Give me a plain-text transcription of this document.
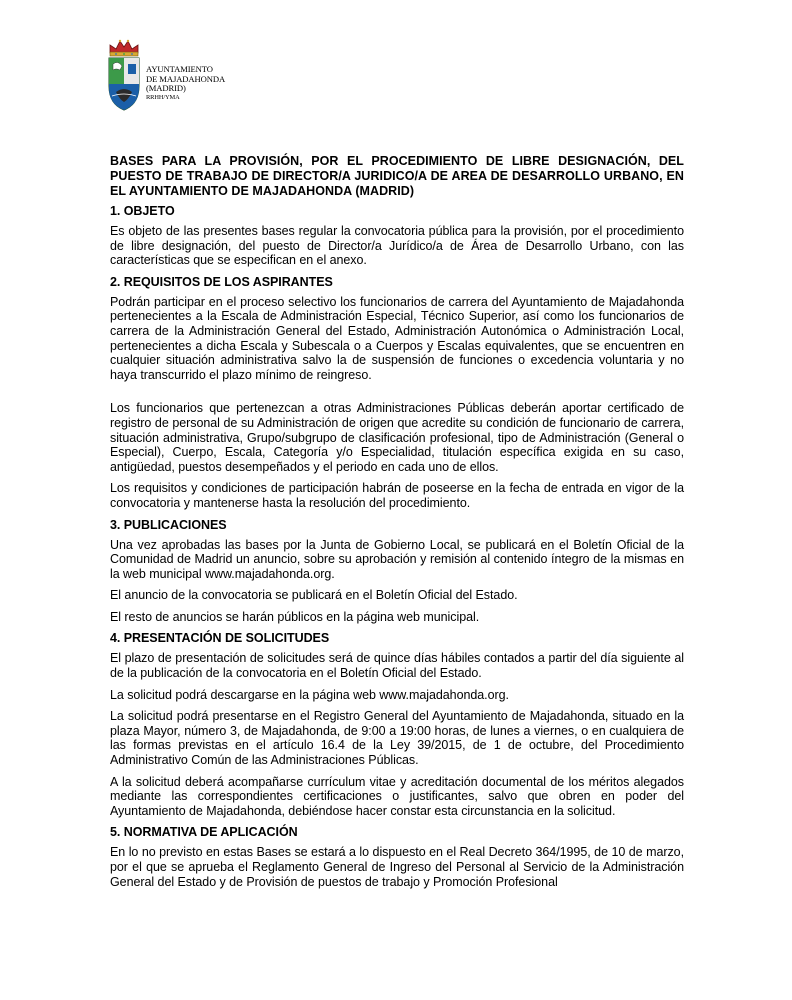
AYUNTAMIENTO
DE MAJADAHONDA
(MADRID)
RRHH/YMA
BASES PARA LA PROVISIÓN, POR EL PROCEDIMIENTO DE LIBRE DESIGNACIÓN, DEL PUESTO DE TRABAJO DE DIRECTOR/A JURIDICO/A DE AREA DE DESARROLLO URBANO, EN EL AYUNTAMIENTO DE MAJADAHONDA (MADRID)
1. OBJETO
Es objeto de las presentes bases regular la convocatoria pública para la provisión, por el procedimiento de libre designación, del puesto de Director/a Jurídico/a de Área de Desarrollo Urbano, con las características que se especifican en el anexo.
2. REQUISITOS DE LOS ASPIRANTES
Podrán participar en el proceso selectivo los funcionarios de carrera del Ayuntamiento de Majadahonda pertenecientes a la Escala de Administración Especial, Técnico Superior, así como los funcionarios de carrera de la Administración General del Estado, Administración Autonómica o Administración Local, pertenecientes a dicha Escala y Subescala o a Cuerpos y Escalas equivalentes, que se encuentren en cualquier situación administrativa salvo la de suspensión de funciones o excedencia voluntaria y no haya transcurrido el plazo mínimo de reingreso.
Los funcionarios que pertenezcan a otras Administraciones Públicas deberán aportar certificado de registro de personal de su Administración de origen que acredite su condición de funcionario de carrera, situación administrativa, Grupo/subgrupo de clasificación profesional, tipo de Administración (General o Especial), Cuerpo, Escala, Categoría y/o Especialidad, titulación específica exigida en su caso, antigüedad, puestos desempeñados y el periodo en cada uno de ellos.
Los requisitos y condiciones de participación habrán de poseerse en la fecha de entrada en vigor de la convocatoria y mantenerse hasta la resolución del procedimiento.
3. PUBLICACIONES
Una vez aprobadas las bases por la Junta de Gobierno Local, se publicará en el Boletín Oficial de la Comunidad de Madrid un anuncio, sobre su aprobación y remisión al contenido íntegro de la mismas en la web municipal www.majadahonda.org.
El anuncio de la convocatoria se publicará en el Boletín Oficial del Estado.
El resto de anuncios se harán públicos en la página web municipal.
4. PRESENTACIÓN DE SOLICITUDES
El plazo de presentación de solicitudes será de quince días hábiles contados a partir del día siguiente al de la publicación de la convocatoria en el Boletín Oficial del Estado.
La solicitud podrá descargarse en la página web www.majadahonda.org.
La solicitud podrá presentarse en el Registro General del Ayuntamiento de Majadahonda, situado en la plaza Mayor, número 3, de Majadahonda, de 9:00 a 19:00 horas, de lunes a viernes, o en cualquiera de las formas previstas en el artículo 16.4 de la Ley 39/2015, de 1 de octubre, del Procedimiento Administrativo Común de las Administraciones Públicas.
A la solicitud deberá acompañarse currículum vitae y acreditación documental de los méritos alegados mediante las correspondientes certificaciones o justificantes, salvo que obren en poder del Ayuntamiento de Majadahonda, debiéndose hacer constar esta circunstancia en la solicitud.
5. NORMATIVA DE APLICACIÓN
En lo no previsto en estas Bases se estará a lo dispuesto en el Real Decreto 364/1995, de 10 de marzo, por el que se aprueba el Reglamento General de Ingreso del Personal al Servicio de la Administración General del Estado y de Provisión de puestos de trabajo y Promoción Profesional
